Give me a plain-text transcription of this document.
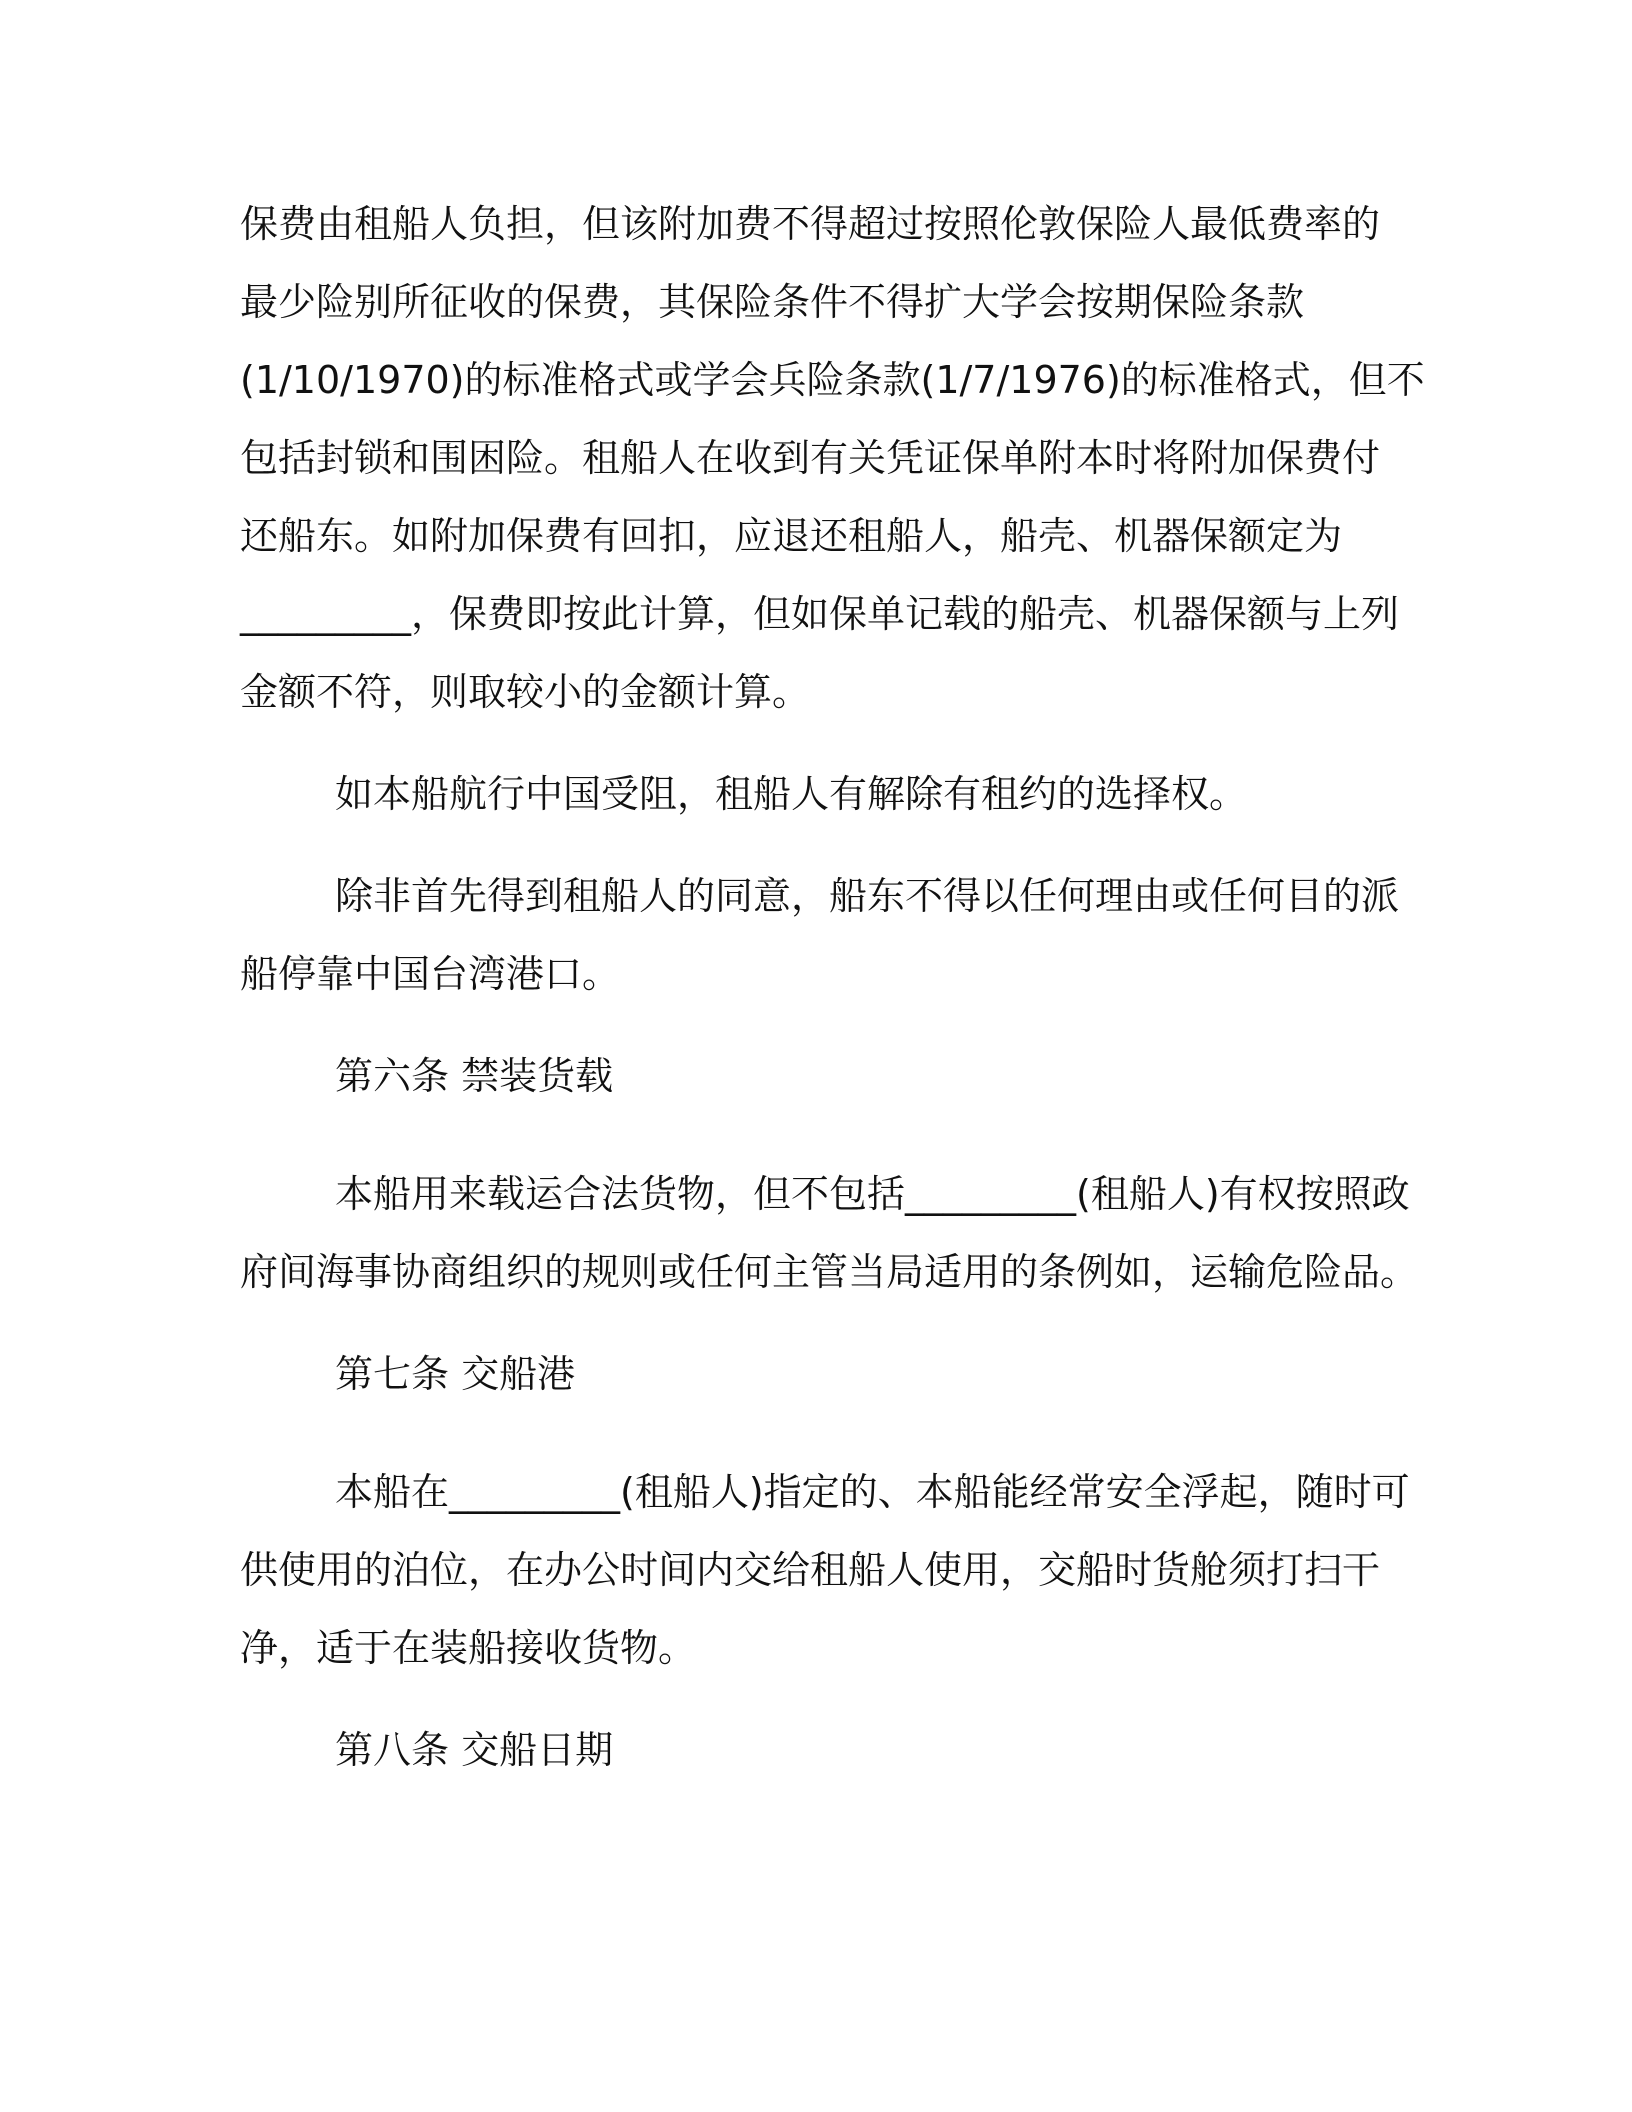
保费由租船人负担，但该附加费不得超过按照伦敦保险人最低费率的
最少险别所征收的保费，其保险条件不得扩大学会按期保险条款
(1/10/1970)的标准格式或学会兵险条款(1/7/1976)的标准格式，但不
包括封锁和围困险。租船人在收到有关凭证保单附本时将附加保费付
还船东。如附加保费有回扣，应退还租船人，船壳、机器保额定为
_________，保费即按此计算，但如保单记载的船壳、机器保额与上列
金额不符，则取较小的金额计算。
如本船航行中国受阻，租船人有解除有租约的选择权。
除非首先得到租船人的同意，船东不得以任何理由或任何目的派
船停靠中国台湾港口。
第六条 禁装货载
本船用来载运合法货物，但不包括_________(租船人)有权按照政
府间海事协商组织的规则或任何主管当局适用的条例如，运输危险品。
第七条 交船港
本船在_________(租船人)指定的、本船能经常安全浮起，随时可
供使用的泊位，在办公时间内交给租船人使用，交船时货舱须打扫干
净，适于在装船接收货物。
第八条 交船日期
